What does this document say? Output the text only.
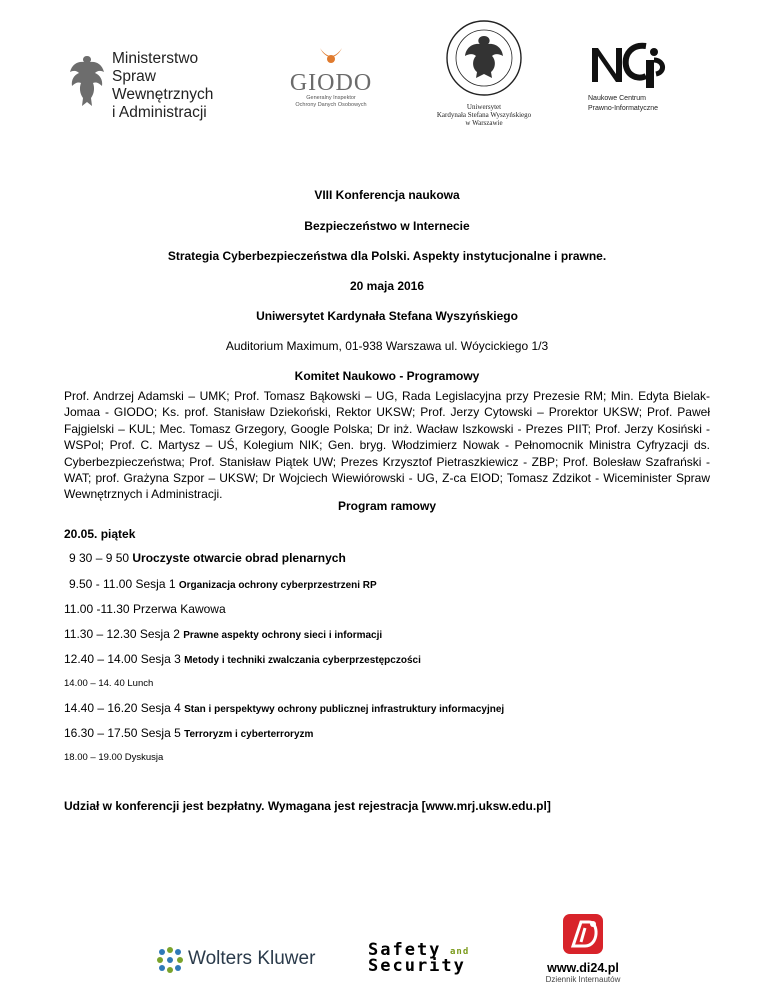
Ministerstwo
Spraw Wewnętrznych
i Administracji
GIODO
Generalny Inspektor
Ochrony Danych Osobowych	Uniwersytet
Kardynała Stefana Wyszyńskiego
w Warszawie
Naukowe Centrum
Prawno-Informatyczne
VIII Konferencja naukowa
Bezpieczeństwo w Internecie
Strategia Cyberbezpieczeństwa dla Polski. Aspekty instytucjonalne i prawne.
20 maja 2016
Uniwersytet Kardynała Stefana Wyszyńskiego
Auditorium Maximum, 01-938 Warszawa ul. Wóycickiego 1/3
Komitet Naukowo - Programowy
Prof. Andrzej Adamski – UMK; Prof. Tomasz Bąkowski – UG, Rada Legislacyjna przy Prezesie RM; Min. Edyta Bielak- Jomaa - GIODO; Ks. prof. Stanisław Dziekoński, Rektor UKSW; Prof. Jerzy Cytowski – Prorektor UKSW; Prof. Paweł Fajgielski – KUL; Mec. Tomasz Grzegory, Google Polska; Dr inż. Wacław Iszkowski - Prezes PIIT; Prof. Jerzy Kosiński - WSPol; Prof. C. Martysz – UŚ, Kolegium NIK; Gen. bryg. Włodzimierz Nowak - Pełnomocnik Ministra Cyfryzacji ds. Cyberbezpieczeństwa; Prof. Stanisław Piątek UW; Prezes Krzysztof Pietraszkiewicz - ZBP; Prof. Bolesław Szafrański - WAT; prof. Grażyna Szpor – UKSW; Dr Wojciech Wiewiórowski - UG, Z-ca EIOD; Tomasz Zdzikot - Wiceminister Spraw Wewnętrznych i Administracji.
Program ramowy
20.05. piątek
9 30 – 9 50 Uroczyste otwarcie obrad plenarnych
9.50 - 11.00 Sesja 1 Organizacja ochrony cyberprzestrzeni RP
11.00 -11.30 Przerwa Kawowa
11.30 – 12.30 Sesja 2 Prawne aspekty ochrony sieci i informacji
12.40 – 14.00 Sesja 3 Metody i techniki zwalczania cyberprzestępczości
14.00 – 14. 40 Lunch
14.40 – 16.20 Sesja 4 Stan i perspektywy ochrony publicznej infrastruktury informacyjnej
16.30 – 17.50 Sesja 5 Terroryzm i cyberterroryzm
18.00 – 19.00 Dyskusja
Udział w konferencji jest bezpłatny. Wymagana jest rejestracja [www.mrj.uksw.edu.pl]
Wolters Kluwer	Safety and
Security	www.di24.pl
Dziennik Internautów
